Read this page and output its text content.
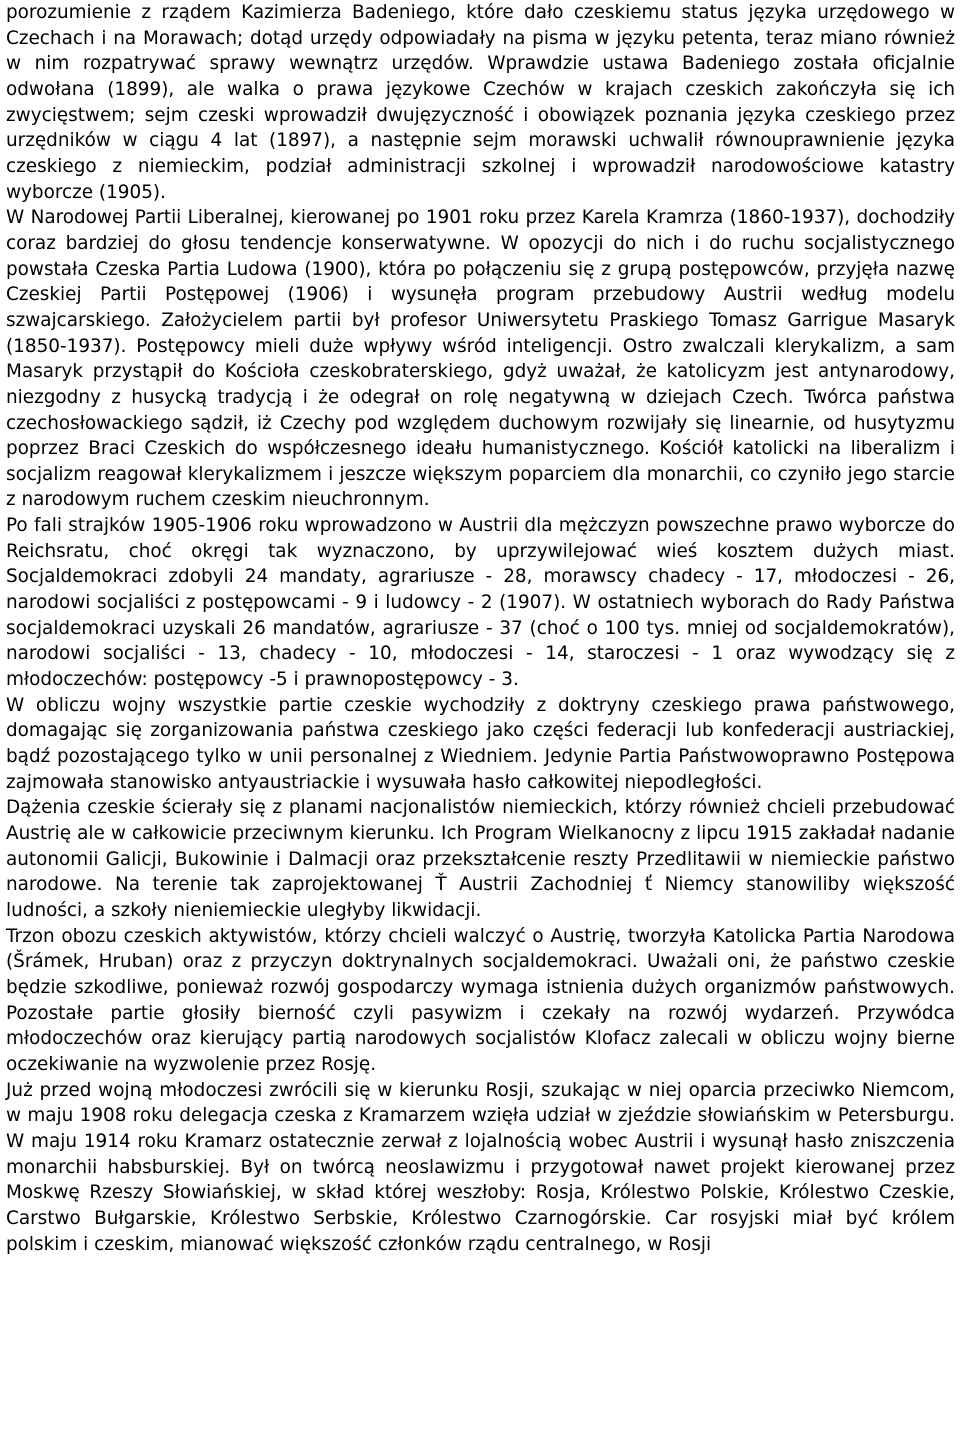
porozumienie z rządem Kazimierza Badeniego, które dało czeskiemu status języka urzędowego w Czechach i na Morawach; dotąd urzędy odpowiadały na pisma w języku petenta, teraz miano również w nim rozpatrywać sprawy wewnątrz urzędów. Wprawdzie ustawa Badeniego została oficjalnie odwołana (1899), ale walka o prawa językowe Czechów w krajach czeskich zakończyła się ich zwycięstwem; sejm czeski wprowadził dwujęzyczność i obowiązek poznania języka czeskiego przez urzędników w ciągu 4 lat (1897), a następnie sejm morawski uchwalił równouprawnienie języka czeskiego z niemieckim, podział administracji szkolnej i wprowadził narodowościowe katastry wyborcze (1905).

W Narodowej Partii Liberalnej, kierowanej po 1901 roku przez Karela Kramrza (1860-1937), dochodziły coraz bardziej do głosu tendencje konserwatywne. W opozycji do nich i do ruchu socjalistycznego powstała Czeska Partia Ludowa (1900), która po połączeniu się z grupą postępowców, przyjęła nazwę Czeskiej Partii Postępowej (1906) i wysunęła program przebudowy Austrii według modelu szwajcarskiego. Założycielem partii był profesor Uniwersytetu Praskiego Tomasz Garrigue Masaryk (1850-1937). Postępowcy mieli duże wpływy wśród inteligencji. Ostro zwalczali klerykalizm, a sam Masaryk przystąpił do Kościoła czeskobraterskiego, gdyż uważał, że katolicyzm jest antynarodowy, niezgodny z husycką tradycją i że odegrał on rolę negatywną w dziejach Czech. Twórca państwa czechosłowackiego sądził, iż Czechy pod względem duchowym rozwijały się linearnie, od husytyzmu poprzez Braci Czeskich do współczesnego ideału humanistycznego. Kościół katolicki na liberalizm i socjalizm reagował klerykalizmem i jeszcze większym poparciem dla monarchii, co czyniło jego starcie z narodowym ruchem czeskim nieuchronnym.

Po fali strajków 1905-1906 roku wprowadzono w Austrii dla mężczyzn powszechne prawo wyborcze do Reichsratu, choć okręgi tak wyznaczono, by uprzywilejować wieś kosztem dużych miast. Socjaldemokraci zdobyli 24 mandaty, agrariusze - 28, morawscy chadecy - 17, młodoczesi - 26, narodowi socjaliści z postępowcami - 9 i ludowcy - 2 (1907). W ostatniech wyborach do Rady Państwa socjaldemokraci uzyskali 26 mandatów, agrariusze - 37 (choć o 100 tys. mniej od socjaldemokratów), narodowi socjaliści - 13, chadecy - 10, młodoczesi - 14, staroczesi - 1 oraz wywodzący się z młodoczechów: postępowcy -5 i prawnopostępowcy - 3.

W obliczu wojny wszystkie partie czeskie wychodziły z doktryny czeskiego prawa państwowego, domagając się zorganizowania państwa czeskiego jako części federacji lub konfederacji austriackiej, bądź pozostającego tylko w unii personalnej z Wiedniem. Jedynie Partia Państwowoprawno Postępowa zajmowała stanowisko antyaustriackie i wysuwała hasło całkowitej niepodległości.

Dążenia czeskie ścierały się z planami nacjonalistów niemieckich, którzy również chcieli przebudować Austrię ale w całkowicie przeciwnym kierunku. Ich Program Wielkanocny z lipcu 1915 zakładał nadanie autonomii Galicji, Bukowinie i Dalmacji oraz przekształcenie reszty Przedlitawii w niemieckie państwo narodowe. Na terenie tak zaprojektowanej Ť Austrii Zachodniej ť Niemcy stanowiliby większość ludności, a szkoły nieniemieckie uległyby likwidacji.

Trzon obozu czeskich aktywistów, którzy chcieli walczyć o Austrię, tworzyła Katolicka Partia Narodowa (Šrámek, Hruban) oraz z przyczyn doktrynalnych socjaldemokraci. Uważali oni, że państwo czeskie będzie szkodliwe, ponieważ rozwój gospodarczy wymaga istnienia dużych organizmów państwowych. Pozostałe partie głosiły bierność czyli pasywizm i czekały na rozwój wydarzeń. Przywódca młodoczechów oraz kierujący partią narodowych socjalistów Klofacz zalecali w obliczu wojny bierne oczekiwanie na wyzwolenie przez Rosję.

Już przed wojną młodoczesi zwrócili się w kierunku Rosji, szukając w niej oparcia przeciwko Niemcom, w maju 1908 roku delegacja czeska z Kramarzem wzięła udział w zjeździe słowiańskim w Petersburgu. W maju 1914 roku Kramarz ostatecznie zerwał z lojalnością wobec Austrii i wysunął hasło zniszczenia monarchii habsburskiej. Był on twórcą neoslawizmu i przygotował nawet projekt kierowanej przez Moskwę Rzeszy Słowiańskiej, w skład której weszłoby: Rosja, Królestwo Polskie, Królestwo Czeskie, Carstwo Bułgarskie, Królestwo Serbskie, Królestwo Czarnogórskie. Car rosyjski miał być królem polskim i czeskim, mianować większość członków rządu centralnego, w Rosji
